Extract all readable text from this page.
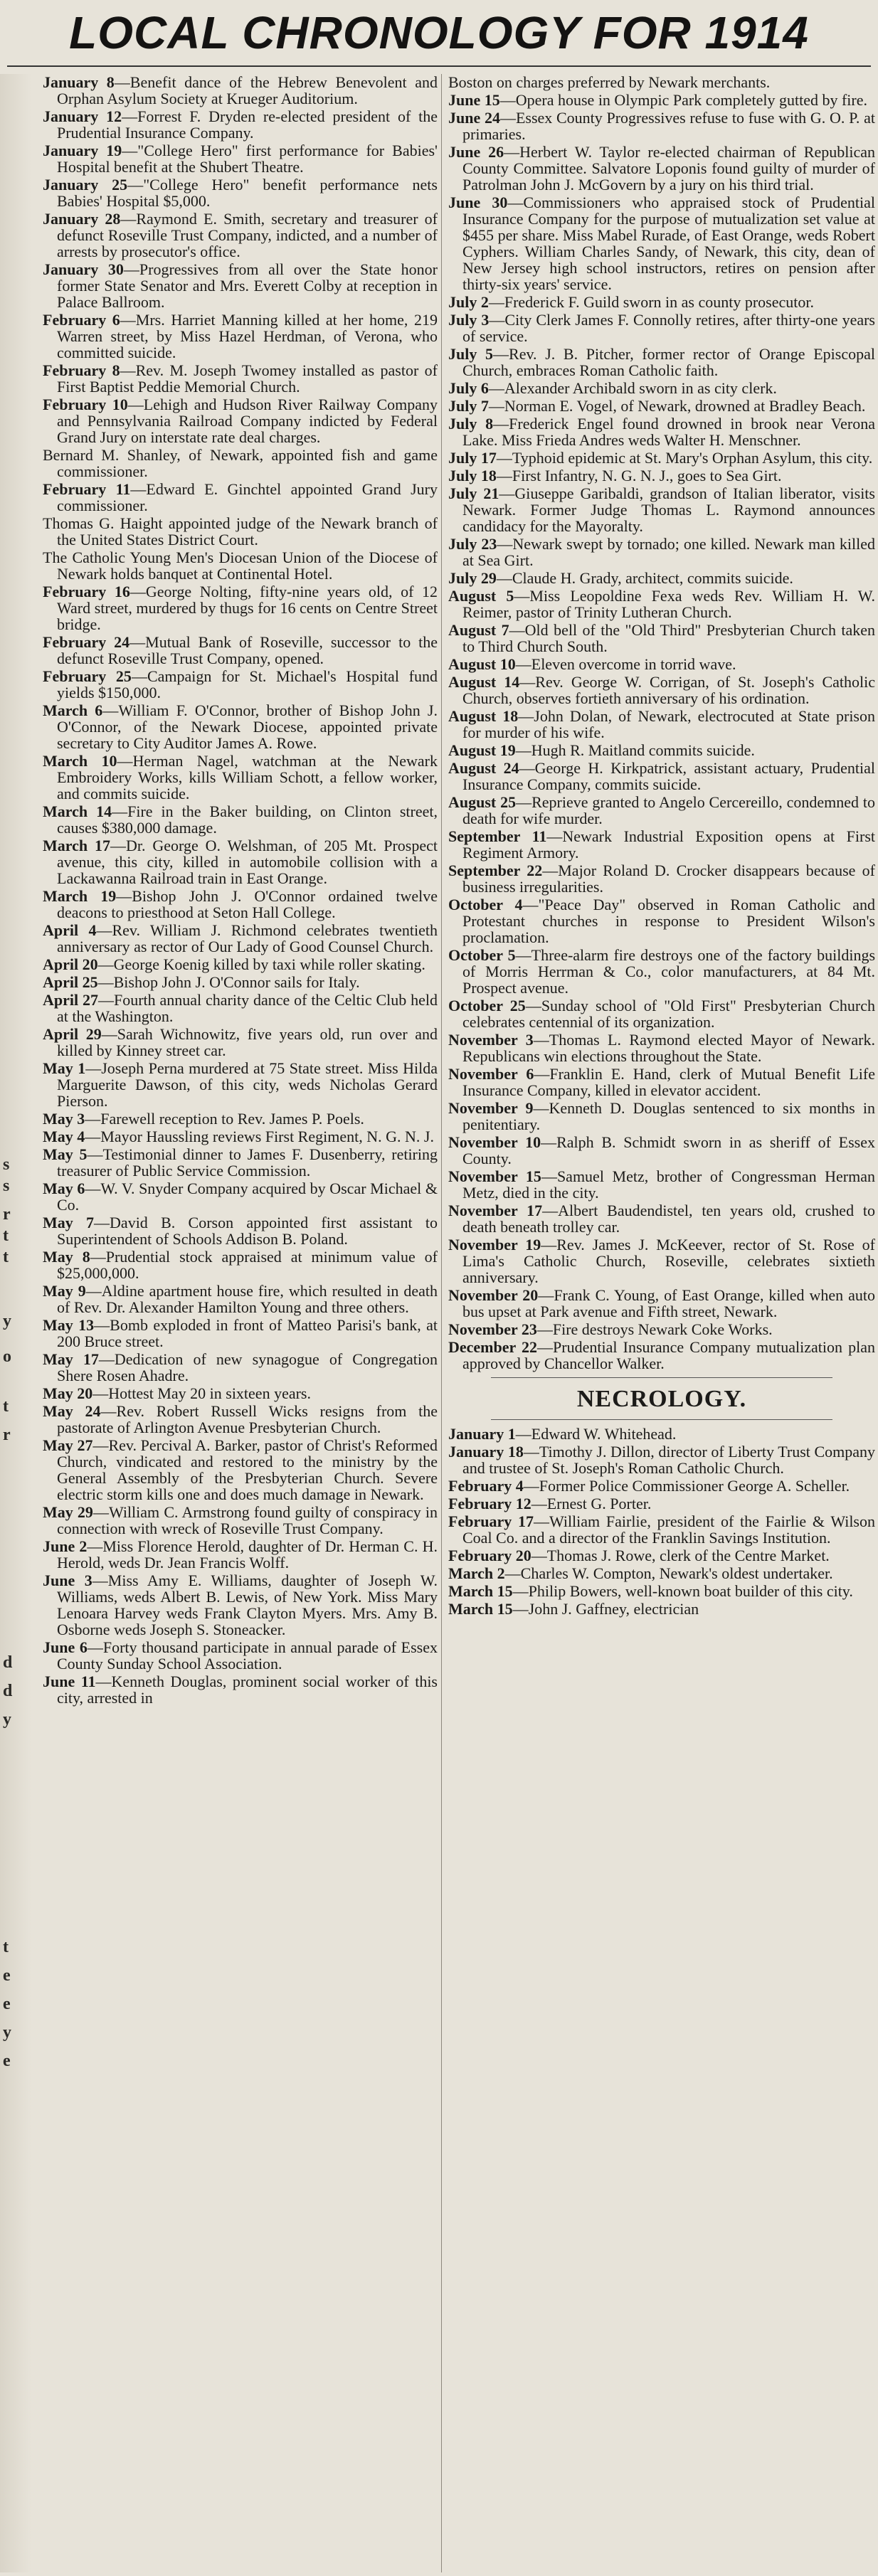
LOCAL CHRONOLOGY FOR 1914
s
s
r
t
t
y
o
t
r
d
d
y
t
e
e
y
e

January 8—Benefit dance of the Hebrew Benevolent and Orphan Asylum Society at Krueger Auditorium.

January 12—Forrest F. Dryden re-elected president of the Prudential Insurance Company.

January 19—"College Hero" first performance for Babies' Hospital benefit at the Shubert Theatre.

January 25—"College Hero" benefit performance nets Babies' Hospital $5,000.

January 28—Raymond E. Smith, secretary and treasurer of defunct Roseville Trust Company, indicted, and a number of arrests by prosecutor's office.

January 30—Progressives from all over the State honor former State Senator and Mrs. Everett Colby at reception in Palace Ballroom.

February 6—Mrs. Harriet Manning killed at her home, 219 Warren street, by Miss Hazel Herdman, of Verona, who committed suicide.

February 8—Rev. M. Joseph Twomey installed as pastor of First Baptist Peddie Memorial Church.

February 10—Lehigh and Hudson River Railway Company and Pennsylvania Railroad Company indicted by Federal Grand Jury on interstate rate deal charges.

Bernard M. Shanley, of Newark, appointed fish and game commissioner.

February 11—Edward E. Ginchtel appointed Grand Jury commissioner.

Thomas G. Haight appointed judge of the Newark branch of the United States District Court.

The Catholic Young Men's Diocesan Union of the Diocese of Newark holds banquet at Continental Hotel.

February 16—George Nolting, fifty-nine years old, of 12 Ward street, murdered by thugs for 16 cents on Centre Street bridge.

February 24—Mutual Bank of Roseville, successor to the defunct Roseville Trust Company, opened.

February 25—Campaign for St. Michael's Hospital fund yields $150,000.

March 6—William F. O'Connor, brother of Bishop John J. O'Connor, of the Newark Diocese, appointed private secretary to City Auditor James A. Rowe.

March 10—Herman Nagel, watchman at the Newark Embroidery Works, kills William Schott, a fellow worker, and commits suicide.

March 14—Fire in the Baker building, on Clinton street, causes $380,000 damage.

March 17—Dr. George O. Welshman, of 205 Mt. Prospect avenue, this city, killed in automobile collision with a Lackawanna Railroad train in East Orange.

March 19—Bishop John J. O'Connor ordained twelve deacons to priesthood at Seton Hall College.

April 4—Rev. William J. Richmond celebrates twentieth anniversary as rector of Our Lady of Good Counsel Church.

April 20—George Koenig killed by taxi while roller skating.

April 25—Bishop John J. O'Connor sails for Italy.

April 27—Fourth annual charity dance of the Celtic Club held at the Washington.

April 29—Sarah Wichnowitz, five years old, run over and killed by Kinney street car.

May 1—Joseph Perna murdered at 75 State street. Miss Hilda Marguerite Dawson, of this city, weds Nicholas Gerard Pierson.

May 3—Farewell reception to Rev. James P. Poels.

May 4—Mayor Haussling reviews First Regiment, N. G. N. J.

May 5—Testimonial dinner to James F. Dusenberry, retiring treasurer of Public Service Commission.

May 6—W. V. Snyder Company acquired by Oscar Michael & Co.

May 7—David B. Corson appointed first assistant to Superintendent of Schools Addison B. Poland.

May 8—Prudential stock appraised at minimum value of $25,000,000.

May 9—Aldine apartment house fire, which resulted in death of Rev. Dr. Alexander Hamilton Young and three others.

May 13—Bomb exploded in front of Matteo Parisi's bank, at 200 Bruce street.

May 17—Dedication of new synagogue of Congregation Shere Rosen Ahadre.

May 20—Hottest May 20 in sixteen years.

May 24—Rev. Robert Russell Wicks resigns from the pastorate of Arlington Avenue Presbyterian Church.

May 27—Rev. Percival A. Barker, pastor of Christ's Reformed Church, vindicated and restored to the ministry by the General Assembly of the Presbyterian Church. Severe electric storm kills one and does much damage in Newark.

May 29—William C. Armstrong found guilty of conspiracy in connection with wreck of Roseville Trust Company.

June 2—Miss Florence Herold, daughter of Dr. Herman C. H. Herold, weds Dr. Jean Francis Wolff.

June 3—Miss Amy E. Williams, daughter of Joseph W. Williams, weds Albert B. Lewis, of New York. Miss Mary Lenoara Harvey weds Frank Clayton Myers. Mrs. Amy B. Osborne weds Joseph S. Stoneacker.

June 6—Forty thousand participate in annual parade of Essex County Sunday School Association.

June 11—Kenneth Douglas, prominent social worker of this city, arrested in

Boston on charges preferred by Newark merchants.

June 15—Opera house in Olympic Park completely gutted by fire.

June 24—Essex County Progressives refuse to fuse with G. O. P. at primaries.

June 26—Herbert W. Taylor re-elected chairman of Republican County Committee. Salvatore Loponis found guilty of murder of Patrolman John J. McGovern by a jury on his third trial.

June 30—Commissioners who appraised stock of Prudential Insurance Company for the purpose of mutualization set value at $455 per share. Miss Mabel Rurade, of East Orange, weds Robert Cyphers. William Charles Sandy, of Newark, this city, dean of New Jersey high school instructors, retires on pension after thirty-six years' service.

July 2—Frederick F. Guild sworn in as county prosecutor.

July 3—City Clerk James F. Connolly retires, after thirty-one years of service.

July 5—Rev. J. B. Pitcher, former rector of Orange Episcopal Church, embraces Roman Catholic faith.

July 6—Alexander Archibald sworn in as city clerk.

July 7—Norman E. Vogel, of Newark, drowned at Bradley Beach.

July 8—Frederick Engel found drowned in brook near Verona Lake. Miss Frieda Andres weds Walter H. Menschner.

July 17—Typhoid epidemic at St. Mary's Orphan Asylum, this city.

July 18—First Infantry, N. G. N. J., goes to Sea Girt.

July 21—Giuseppe Garibaldi, grandson of Italian liberator, visits Newark. Former Judge Thomas L. Raymond announces candidacy for the Mayoralty.

July 23—Newark swept by tornado; one killed. Newark man killed at Sea Girt.

July 29—Claude H. Grady, architect, commits suicide.

August 5—Miss Leopoldine Fexa weds Rev. William H. W. Reimer, pastor of Trinity Lutheran Church.

August 7—Old bell of the "Old Third" Presbyterian Church taken to Third Church South.

August 10—Eleven overcome in torrid wave.

August 14—Rev. George W. Corrigan, of St. Joseph's Catholic Church, observes fortieth anniversary of his ordination.

August 18—John Dolan, of Newark, electrocuted at State prison for murder of his wife.

August 19—Hugh R. Maitland commits suicide.

August 24—George H. Kirkpatrick, assistant actuary, Prudential Insurance Company, commits suicide.

August 25—Reprieve granted to Angelo Cercereillo, condemned to death for wife murder.

September 11—Newark Industrial Exposition opens at First Regiment Armory.

September 22—Major Roland D. Crocker disappears because of business irregularities.

October 4—"Peace Day" observed in Roman Catholic and Protestant churches in response to President Wilson's proclamation.

October 5—Three-alarm fire destroys one of the factory buildings of Morris Herrman & Co., color manufacturers, at 84 Mt. Prospect avenue.

October 25—Sunday school of "Old First" Presbyterian Church celebrates centennial of its organization.

November 3—Thomas L. Raymond elected Mayor of Newark. Republicans win elections throughout the State.

November 6—Franklin E. Hand, clerk of Mutual Benefit Life Insurance Company, killed in elevator accident.

November 9—Kenneth D. Douglas sentenced to six months in penitentiary.

November 10—Ralph B. Schmidt sworn in as sheriff of Essex County.

November 15—Samuel Metz, brother of Congressman Herman Metz, died in the city.

November 17—Albert Baudendistel, ten years old, crushed to death beneath trolley car.

November 19—Rev. James J. McKeever, rector of St. Rose of Lima's Catholic Church, Roseville, celebrates sixtieth anniversary.

November 20—Frank C. Young, of East Orange, killed when auto bus upset at Park avenue and Fifth street, Newark.

November 23—Fire destroys Newark Coke Works.

December 22—Prudential Insurance Company mutualization plan approved by Chancellor Walker.

NECROLOGY.

January 1—Edward W. Whitehead.

January 18—Timothy J. Dillon, director of Liberty Trust Company and trustee of St. Joseph's Roman Catholic Church.

February 4—Former Police Commissioner George A. Scheller.

February 12—Ernest G. Porter.

February 17—William Fairlie, president of the Fairlie & Wilson Coal Co. and a director of the Franklin Savings Institution.

February 20—Thomas J. Rowe, clerk of the Centre Market.

March 2—Charles W. Compton, Newark's oldest undertaker.

March 15—Philip Bowers, well-known boat builder of this city.

March 15—John J. Gaffney, electrician
